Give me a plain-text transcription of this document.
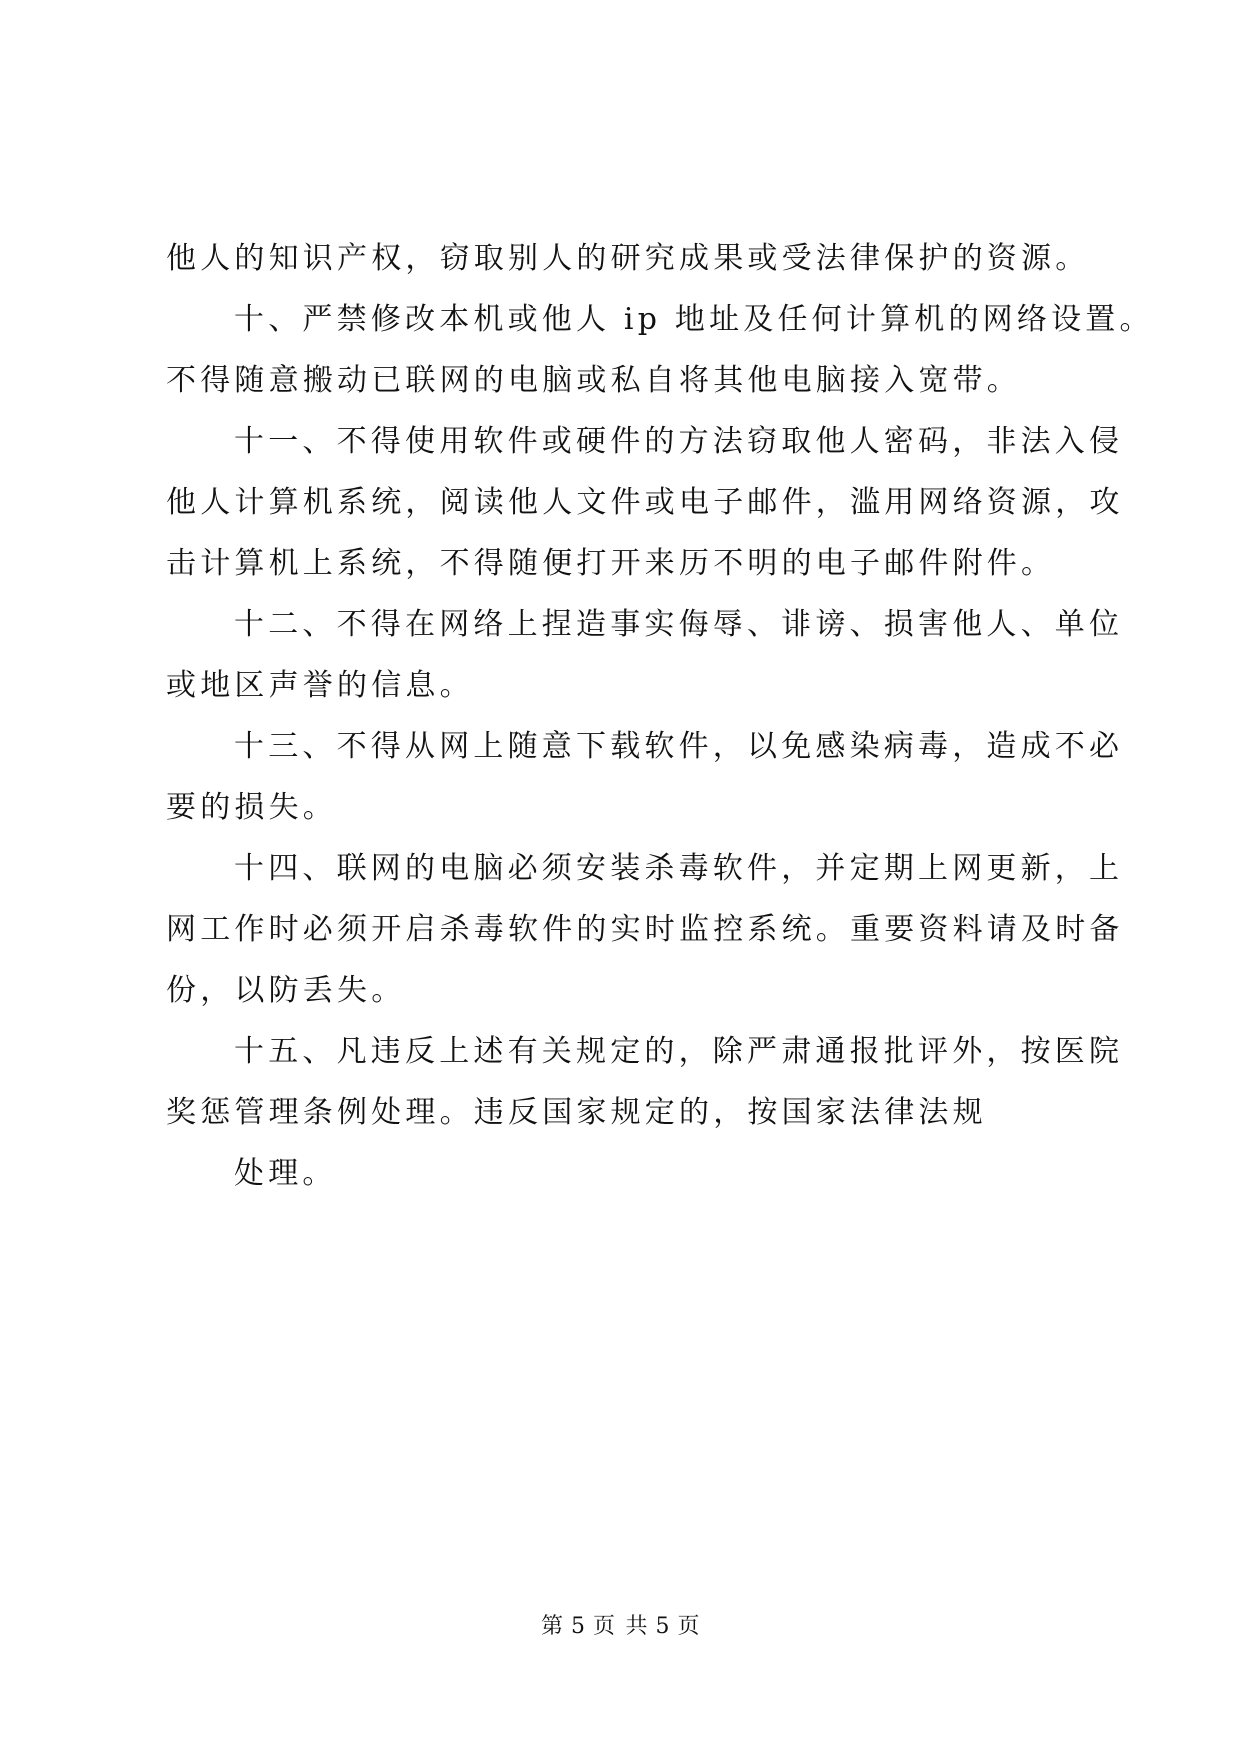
他人的知识产权，窃取别人的研究成果或受法律保护的资源。
十、严禁修改本机或他人 ip 地址及任何计算机的网络设置。
不得随意搬动已联网的电脑或私自将其他电脑接入宽带。
十一、不得使用软件或硬件的方法窃取他人密码，非法入侵
他人计算机系统，阅读他人文件或电子邮件，滥用网络资源，攻
击计算机上系统，不得随便打开来历不明的电子邮件附件。
十二、不得在网络上捏造事实侮辱、诽谤、损害他人、单位
或地区声誉的信息。
十三、不得从网上随意下载软件，以免感染病毒，造成不必
要的损失。
十四、联网的电脑必须安装杀毒软件，并定期上网更新，上
网工作时必须开启杀毒软件的实时监控系统。重要资料请及时备
份，以防丢失。
十五、凡违反上述有关规定的，除严肃通报批评外，按医院
奖惩管理条例处理。违反国家规定的，按国家法律法规
处理。
第 5 页 共 5 页
